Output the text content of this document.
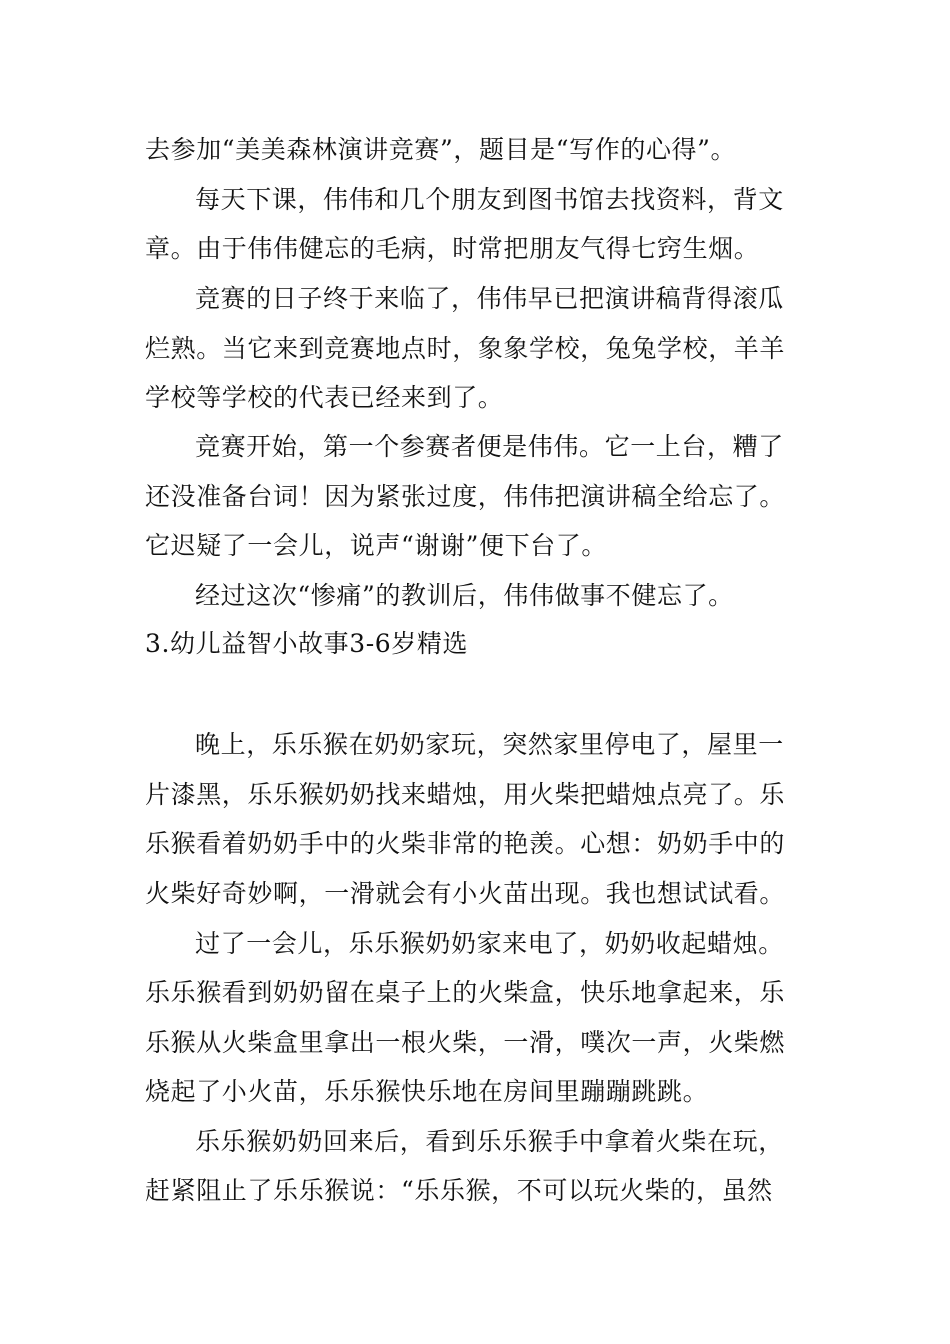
去参加“美美森林演讲竞赛”，题目是“写作的心得”。
每天下课，伟伟和几个朋友到图书馆去找资料，背文
章。由于伟伟健忘的毛病，时常把朋友气得七窍生烟。
竞赛的日子终于来临了，伟伟早已把演讲稿背得滚瓜
烂熟。当它来到竞赛地点时，象象学校，兔兔学校，羊羊
学校等学校的代表已经来到了。
竞赛开始，第一个参赛者便是伟伟。它一上台，糟了
还没准备台词！因为紧张过度，伟伟把演讲稿全给忘了。
它迟疑了一会儿，说声“谢谢”便下台了。
经过这次“惨痛”的教训后，伟伟做事不健忘了。
3.幼儿益智小故事3-6岁精选
晚上，乐乐猴在奶奶家玩，突然家里停电了，屋里一
片漆黑，乐乐猴奶奶找来蜡烛，用火柴把蜡烛点亮了。乐
乐猴看着奶奶手中的火柴非常的艳羡。心想：奶奶手中的
火柴好奇妙啊，一滑就会有小火苗出现。我也想试试看。
过了一会儿，乐乐猴奶奶家来电了，奶奶收起蜡烛。
乐乐猴看到奶奶留在桌子上的火柴盒，快乐地拿起来，乐
乐猴从火柴盒里拿出一根火柴，一滑，噗次一声，火柴燃
烧起了小火苗，乐乐猴快乐地在房间里蹦蹦跳跳。
乐乐猴奶奶回来后，看到乐乐猴手中拿着火柴在玩，
赶紧阻止了乐乐猴说：“乐乐猴，不可以玩火柴的，虽然
